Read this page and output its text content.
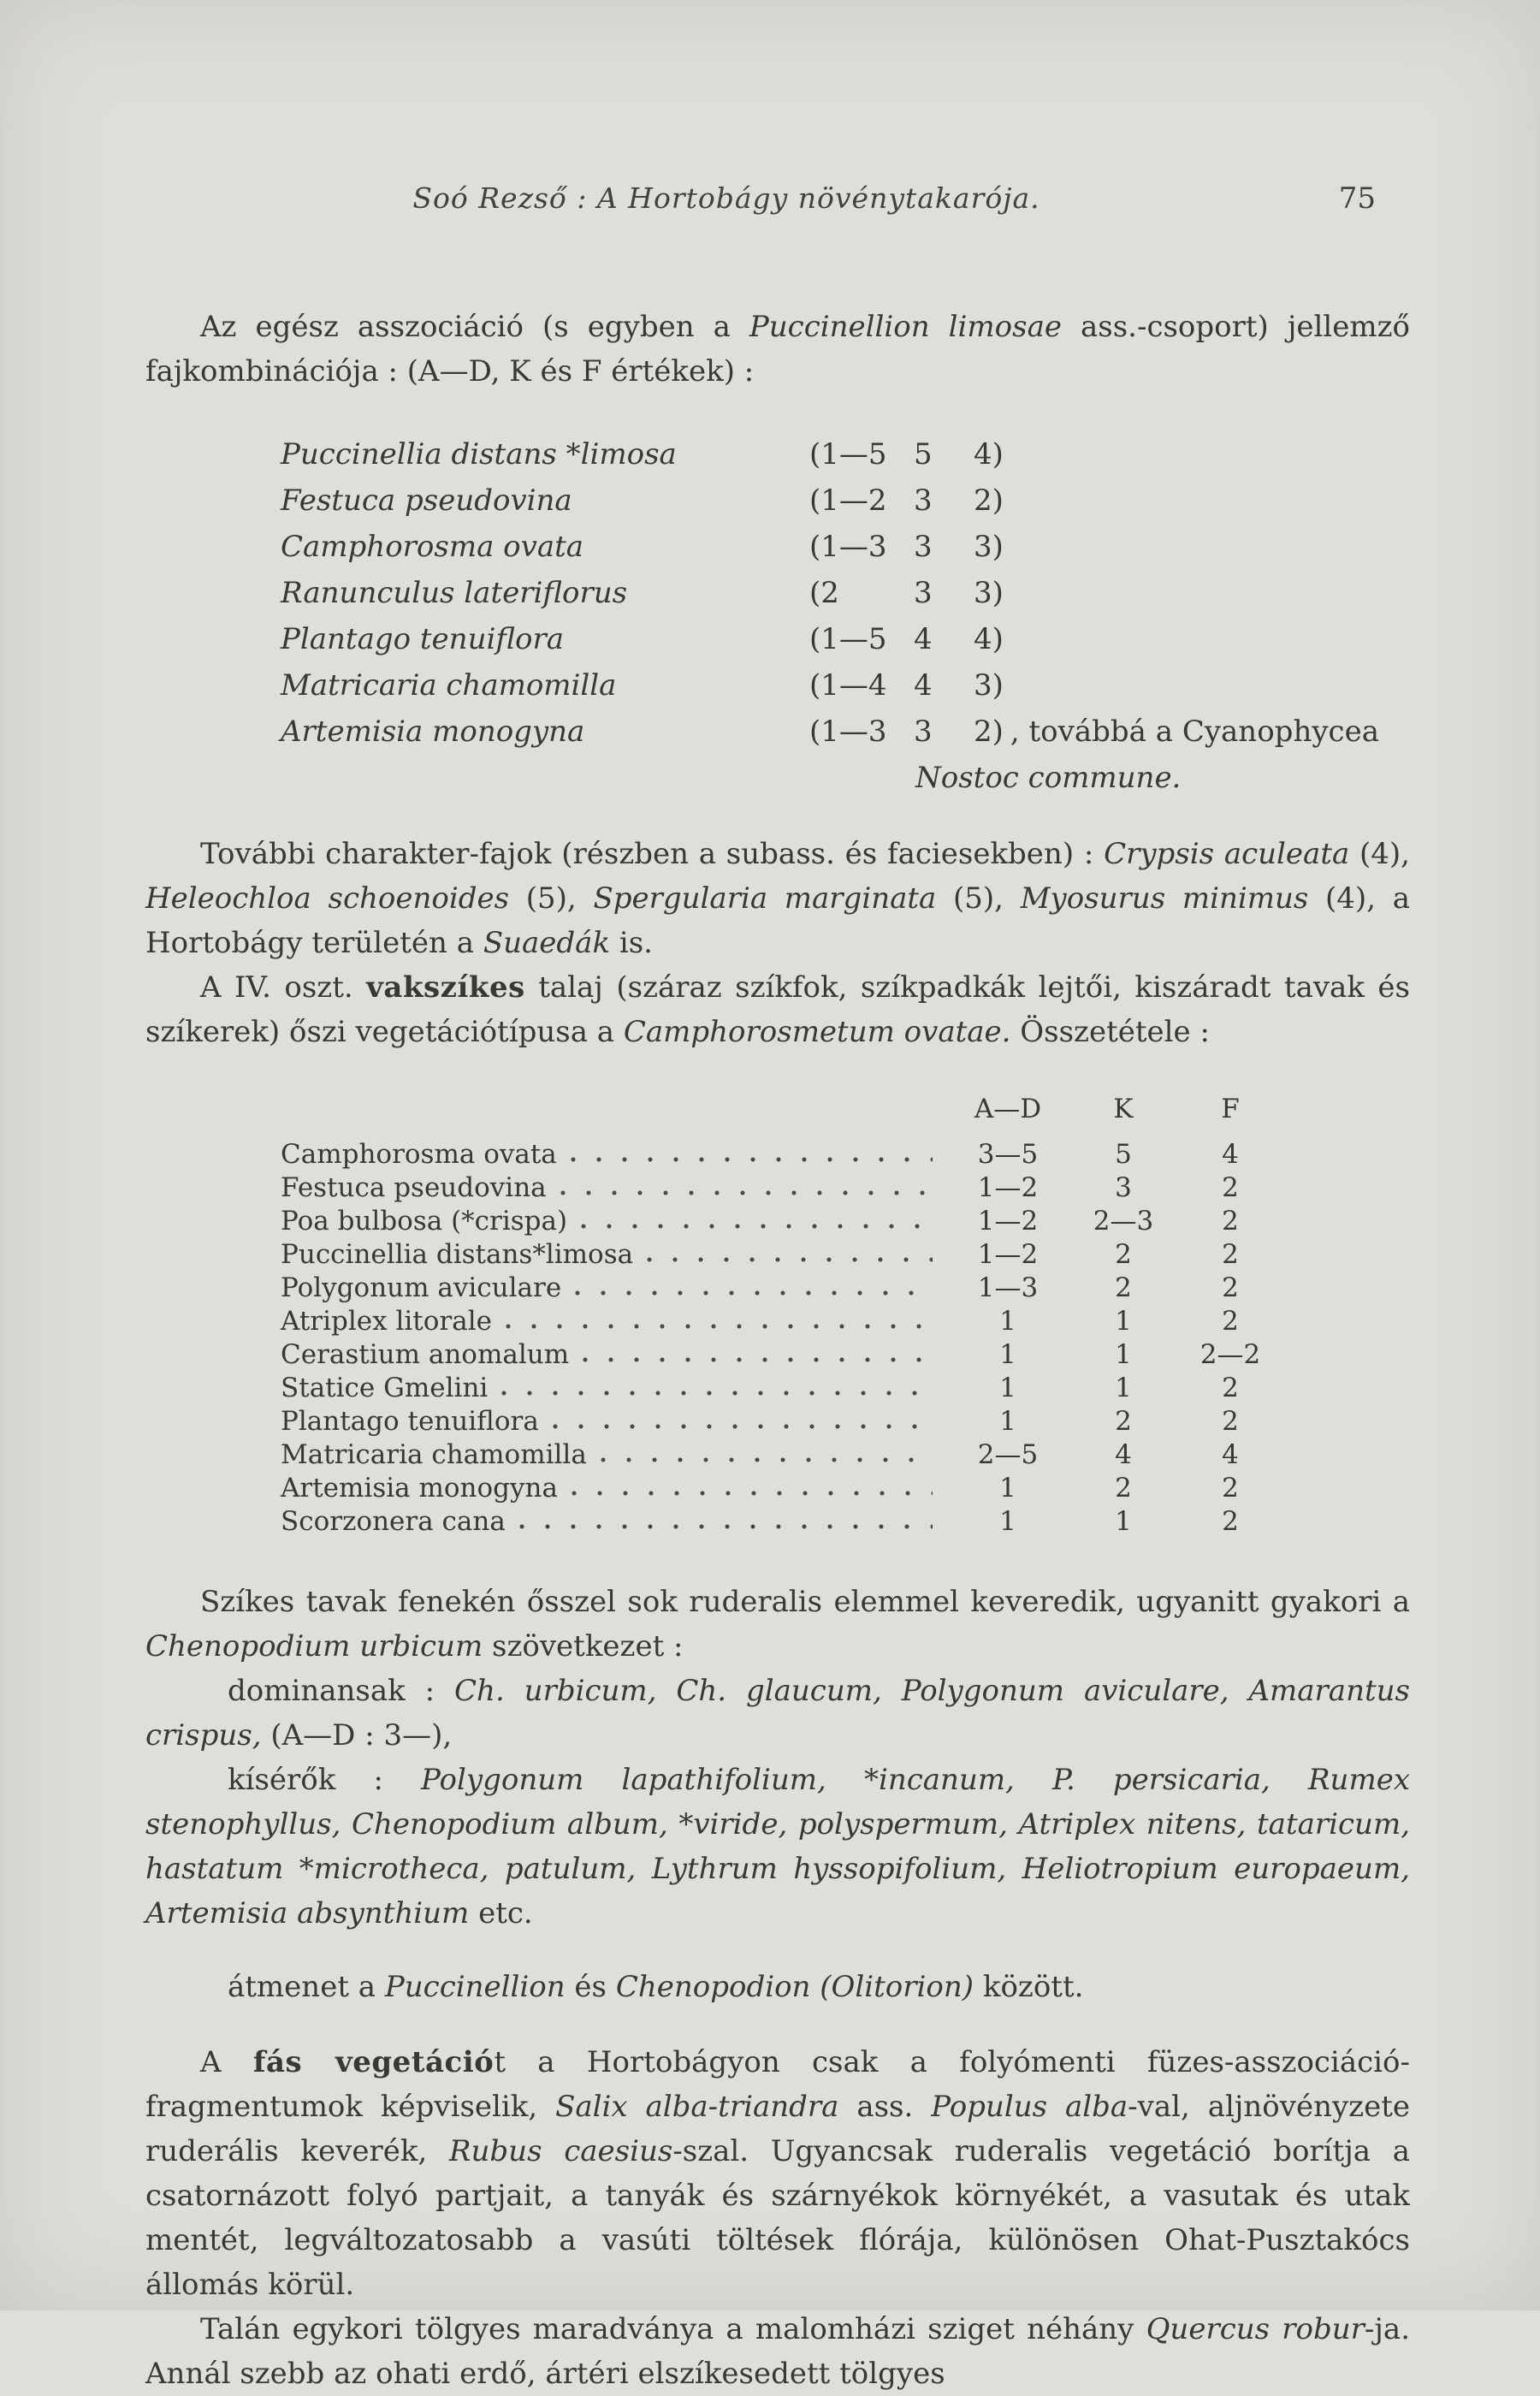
Soó Rezső : A Hortobágy növénytakarója.	75

Az egész asszociáció (s egyben a Puccinellion limosae ass.-csoport) jellemző fajkombinációja : (A—D, K és F értékek) :

Puccinellia distans *limosa	(1—5 5	4)
Festuca pseudovina	(1—2 3	2)
Camphorosma ovata	(1—3 3	3)
Ranunculus lateriflorus	(2	3	3)
Plantago tenuiflora	(1—5 4	4)
Matricaria chamomilla	(1—4 4	3)
Artemisia monogyna	(1—3 3	2) , továbbá a Cyanophycea
Nostoc commune.

További charakter-fajok (részben a subass. és faciesekben) : Crypsis aculeata (4), Heleochloa schoenoides (5), Spergularia marginata (5), Myosurus minimus (4), a Hortobágy területén a Suaedák is.

A IV. oszt. vakszíkes talaj (száraz szíkfok, szíkpadkák lejtői, kiszáradt tavak és szíkerek) őszi vegetációtípusa a Camphorosmetum ovatae. Összetétele :

A—D	K	F
Camphorosma ovata	3—5	5	4
Festuca pseudovina	1—2	3	2
Poa bulbosa (*crispa)	1—2	2—3	2
Puccinellia distans*limosa	1—2	2	2
Polygonum aviculare	1—3	2	2
Atriplex litorale	1	1	2
Cerastium anomalum	1	1	2—2
Statice Gmelini	1	1	2
Plantago tenuiflora	1	2	2
Matricaria chamomilla	2—5	4	4
Artemisia monogyna	1	2	2
Scorzonera cana	1	1	2

Szíkes tavak fenekén ősszel sok ruderalis elemmel keveredik, ugyanitt gyakori a Chenopodium urbicum szövetkezet :

dominansak : Ch. urbicum, Ch. glaucum, Polygonum aviculare, Amarantus crispus, (A—D : 3—),

kísérők : Polygonum lapathifolium, *incanum, P. persicaria, Rumex stenophyllus, Chenopodium album, *viride, polyspermum, Atriplex nitens, tataricum, hastatum *microtheca, patulum, Lythrum hyssopifolium, Heliotropium europaeum, Artemisia absynthium etc.

átmenet a Puccinellion és Chenopodion (Olitorion) között.

A fás vegetációt a Hortobágyon csak a folyómenti füzes-asszociáció-fragmentumok képviselik, Salix alba-triandra ass. Populus alba-val, aljnövényzete ruderális keverék, Rubus caesius-szal. Ugyancsak ruderalis vegetáció borítja a csatornázott folyó partjait, a tanyák és szárnyékok környékét, a vasutak és utak mentét, legváltozatosabb a vasúti töltések flórája, különösen Ohat-Pusztakócs állomás körül.

Talán egykori tölgyes maradványa a malomházi sziget néhány Quercus robur-ja. Annál szebb az ohati erdő, ártéri elszíkesedett tölgyes
